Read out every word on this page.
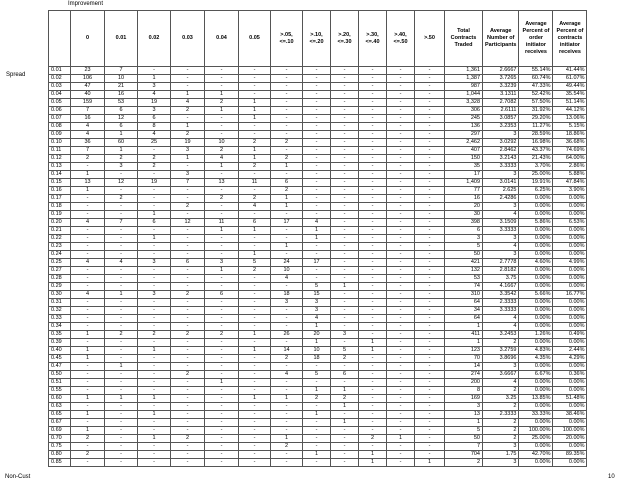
Improvement
Spread
	0	0.01	0.02	0.03	0.04	0.05	>.05, <=.10	>.10, <=.20	>.20, <=.30	>.30, <=.40	>.40, <=.50	>.50	Total Contracts Traded	Average Number of Participants	Average Percent of order initiator receives	Average Percent of contracts initiator receives
0.01	23	7	-	-	-	-	-	-	-	-	-	-	1,361	2.6667	55.14%	41.44%
0.02	106	10	1	-	-	-	-	-	-	-	-	-	1,387	3.7265	60.74%	61.07%
0.03	47	21	3	-	-	-	-	-	-	-	-	-	987	3.3239	47.33%	49.44%
0.04	40	16	4	1	1	-	-	-	-	-	-	-	1,044	3.1311	52.42%	35.54%
0.05	159	53	19	4	2	1	-	-	-	-	-	-	3,328	2.7082	57.50%	51.14%
0.06	7	6	3	2	1	1	-	-	-	-	-	-	306	2.6111	31.92%	44.12%
0.07	16	12	6	-	-	1	-	-	-	-	-	-	245	3.0857	29.20%	13.06%
0.08	4	6	8	1	-	-	-	-	-	-	-	-	136	3.2353	11.27%	5.15%
0.09	4	1	4	2	-	-	-	-	-	-	-	-	297	3	28.59%	18.86%
0.10	36	60	25	19	10	2	2	-	-	-	-	-	2,462	3.0292	16.98%	36.68%
0.11	7	1	-	3	2	1	-	-	-	-	-	-	407	2.8462	43.37%	74.69%
0.12	2	2	2	1	4	1	2	-	-	-	-	-	150	3.2143	21.43%	64.00%
0.13	-	3	2	-	1	2	1	-	-	-	-	-	35	3.3333	3.70%	2.86%
0.14	1	-	-	3	-	-	-	-	-	-	-	-	17	3	25.00%	5.88%
0.15	13	12	19	7	13	11	6	-	-	-	-	-	1,409	3.0141	19.91%	47.84%
0.16	1	-	-	-	-	-	2	-	-	-	-	-	77	2.625	6.25%	3.90%
0.17	-	2	-	-	2	2	1	-	-	-	-	-	16	2.4286	0.00%	0.00%
0.18	-	-	-	2	-	4	1	-	-	-	-	-	20	3	0.00%	0.00%
0.19	-	-	1	-	-	-	-	-	-	-	-	-	30	4	0.00%	0.00%
0.20	4	7	6	12	11	6	17	4	-	-	-	-	398	3.1509	5.86%	6.53%
0.21	-	-	-	-	1	1	-	1	-	-	-	-	6	3.3333	0.00%	0.00%
0.22	-	-	1	-	-	-	-	1	-	-	-	-	3	3	0.00%	0.00%
0.23	-	-	-	-	-	-	1	-	-	-	-	-	5	4	0.00%	0.00%
0.24	-	-	-	-	-	1	-	-	-	-	-	-	50	3	0.00%	0.00%
0.25	4	4	3	6	3	5	24	17	-	-	-	-	421	2.7778	4.60%	4.99%
0.27	-	-	-	-	1	2	10	-	-	-	-	-	132	2.8182	0.00%	0.00%
0.28	-	-	-	-	-	-	4	-	-	-	-	-	53	3.75	0.00%	0.00%
0.29	-	-	-	-	-	-	-	5	1	-	-	-	74	4.1667	0.00%	0.00%
0.30	4	1	3	2	6	-	18	15	-	-	-	-	310	3.3542	5.66%	16.77%
0.31	-	-	-	-	-	-	3	3	-	-	-	-	64	2.3333	0.00%	0.00%
0.32	-	-	-	-	-	-	-	3	-	-	-	-	34	3.3333	0.00%	0.00%
0.33	-	-	-	-	-	-	-	4	-	-	-	-	64	4	0.00%	0.00%
0.34	-	-	-	-	-	-	-	1	-	-	-	-	1	4	0.00%	0.00%
0.35	1	2	2	2	2	1	26	20	3	-	-	-	411	3.2453	1.26%	0.49%
0.39	-	-	-	-	-	-	-	1	-	1	-	-	1	2	0.00%	0.00%
0.40	1	-	1	-	-	1	14	10	5	1	-	-	123	3.2759	4.83%	2.44%
0.45	1	-	-	-	-	-	2	18	2	-	-	-	70	3.8696	4.35%	4.29%
0.47	-	1	-	-	-	-	-	-	-	-	-	-	14	3	0.00%	0.00%
0.50	-	-	-	2	-	-	4	5	6	-	-	-	274	3.6667	6.67%	0.36%
0.51	-	-	-	-	1	-	-	-	-	-	-	-	200	4	0.00%	0.00%
0.55	-	-	-	-	-	-	-	1	1	-	-	-	8	2	0.00%	0.00%
0.60	1	1	1	-	-	1	1	2	2	-	-	-	169	3.25	13.85%	51.48%
0.63	-	-	-	-	-	-	-	-	1	-	-	-	3	2	0.00%	0.00%
0.65	1	-	1	-	-	-	-	1	-	-	-	-	13	2.3333	33.33%	38.46%
0.67	-	-	-	-	-	-	-	-	1	-	-	-	1	2	0.00%	0.00%
0.69	1	-	-	-	-	-	-	-	-	-	-	-	5	2	100.00%	100.00%
0.70	2	-	1	2	-	-	1	-	-	2	1	-	50	2	25.00%	20.00%
0.75	-	-	-	-	-	-	2	-	-	-	-	-	7	3	0.00%	0.00%
0.80	2	-	-	-	-	-	-	1	-	1	-	-	704	1.75	42.70%	89.35%
0.85	-	-	-	-	-	-	-	-	-	1	-	1	2	3	0.00%	0.00%
Non-Cust	10
